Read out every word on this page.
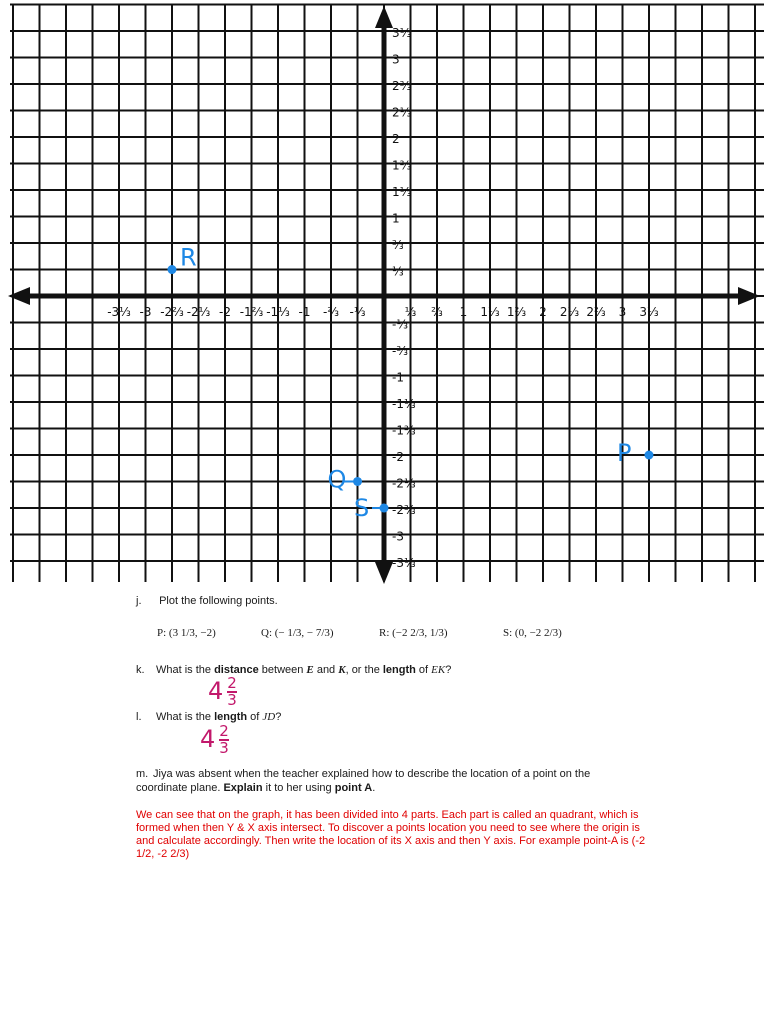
-3⅓ -3 -2⅔ -2⅓ -2 -1⅔ -1⅓ -1 -⅔ -⅓	⅓ ⅔ 1 1⅓ 1⅔ 2 2⅓ 2⅔ 3 3⅓
3⅓
3
2⅔
2⅓
2
1⅔
1⅓
1
⅔
⅓
-⅓
-⅔
-1
-1⅓
-1⅔
-2
-2⅓
-2⅔
-3
-3⅓
R
Q
S
P
j. Plot the following points.
P: (3 1/3, −2)	Q: (− 1/3, − 7/3)	R: (−2 2/3, 1/3)	S: (0, −2 2/3)
k. What is the distance between E and K, or the length of EK?
$4 \frac{2}{3}$
l. What is the length of JD?
$4 \frac{2}{3}$
m. Jiya was absent when the teacher explained how to describe the location of a point on the
coordinate plane. Explain it to her using point A.
We can see that on the graph, it has been divided into 4 parts. Each part is called an quadrant, which is formed when then Y & X axis intersect. To discover a points location you need to see where the origin is and calculate accordingly. Then write the location of its X axis and then Y axis. For example point-A is (-2 1/2, -2 2/3)
